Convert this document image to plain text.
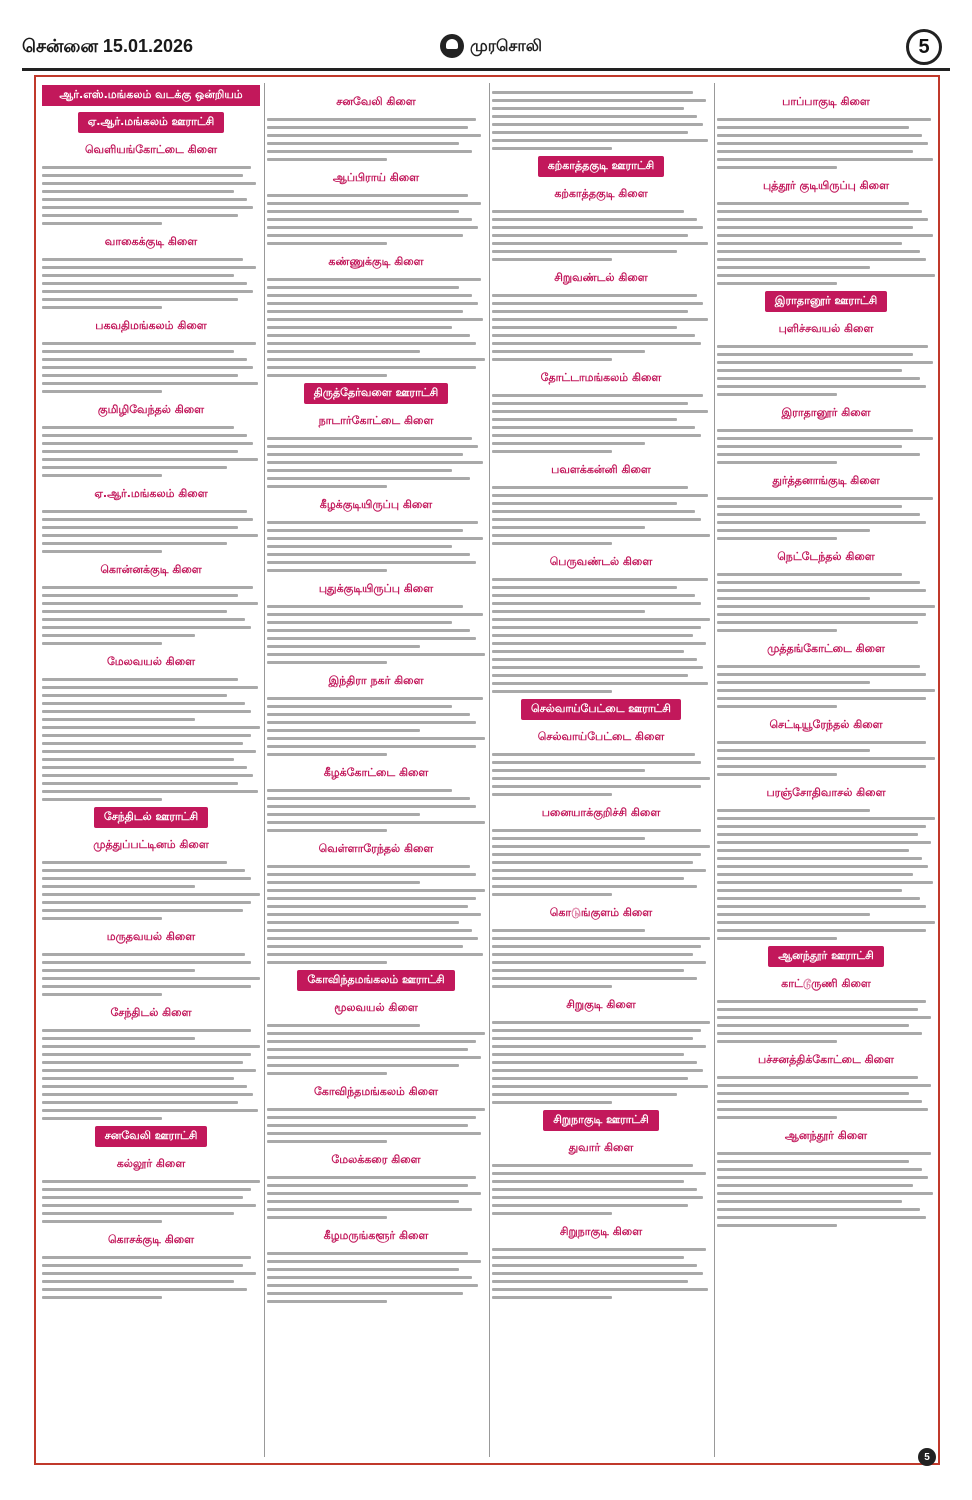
சென்னை 15.01.2026	முரசொலி	5
ஆர்.எஸ்.மங்கலம் வடக்கு ஒன்றியம்
ஏ.ஆர்.மங்கலம் ஊராட்சி
வெளியங்கோட்டை கிளை
வாகைக்குடி கிளை
பகவதிமங்கலம் கிளை
குமிழிவேந்தல் கிளை
ஏ.ஆர்.மங்கலம் கிளை
கொன்னக்குடி கிளை
மேலவயல் கிளை
சேந்திடல் ஊராட்சி
முத்துப்பட்டினம் கிளை
மருதவயல் கிளை
சேந்திடல் கிளை
சனவேலி ஊராட்சி
கல்லூர் கிளை
கொசக்குடி கிளை
சனவேலி கிளை
ஆப்பிராய் கிளை
கண்ணுக்குடி கிளை
திருத்தேர்வளை ஊராட்சி
நாடார்கோட்டை கிளை
கீழக்குடியிருப்பு கிளை
புதுக்குடியிருப்பு கிளை
இந்திரா நகர் கிளை
கீழக்கோட்டை கிளை
வெள்ளாரேந்தல் கிளை
கோவிந்தமங்கலம் ஊராட்சி
மூலவயல் கிளை
கோவிந்தமங்கலம் கிளை
மேலக்கரை கிளை
கீழமருங்களூர் கிளை
கற்காத்தகுடி ஊராட்சி
கற்காத்தகுடி கிளை
சிறுவண்டல் கிளை
தோட்டாமங்கலம் கிளை
பவளக்கன்னி கிளை
பெருவண்டல் கிளை
செல்வாய்பேட்டை ஊராட்சி
செல்வாய்பேட்டை கிளை
பனையாக்குறிச்சி கிளை
கொடுங்குளம் கிளை
சிறுகுடி கிளை
சிறுநாகுடி ஊராட்சி
துவார் கிளை
சிறுநாகுடி கிளை
பாப்பாகுடி கிளை
புத்தூர் குடியிருப்பு கிளை
இராதானூர் ஊராட்சி
புளிச்சவயல் கிளை
இராதானூர் கிளை
துர்த்தனாங்குடி கிளை
நெட்டேந்தல் கிளை
முத்தங்கோட்டை கிளை
செட்டியூரேந்தல் கிளை
பரஞ்சோதிவாசல் கிளை
ஆனந்தூர் ஊராட்சி
காட்டூருணி கிளை
பச்சனத்திக்கோட்டை கிளை
ஆனந்தூர் கிளை
5
